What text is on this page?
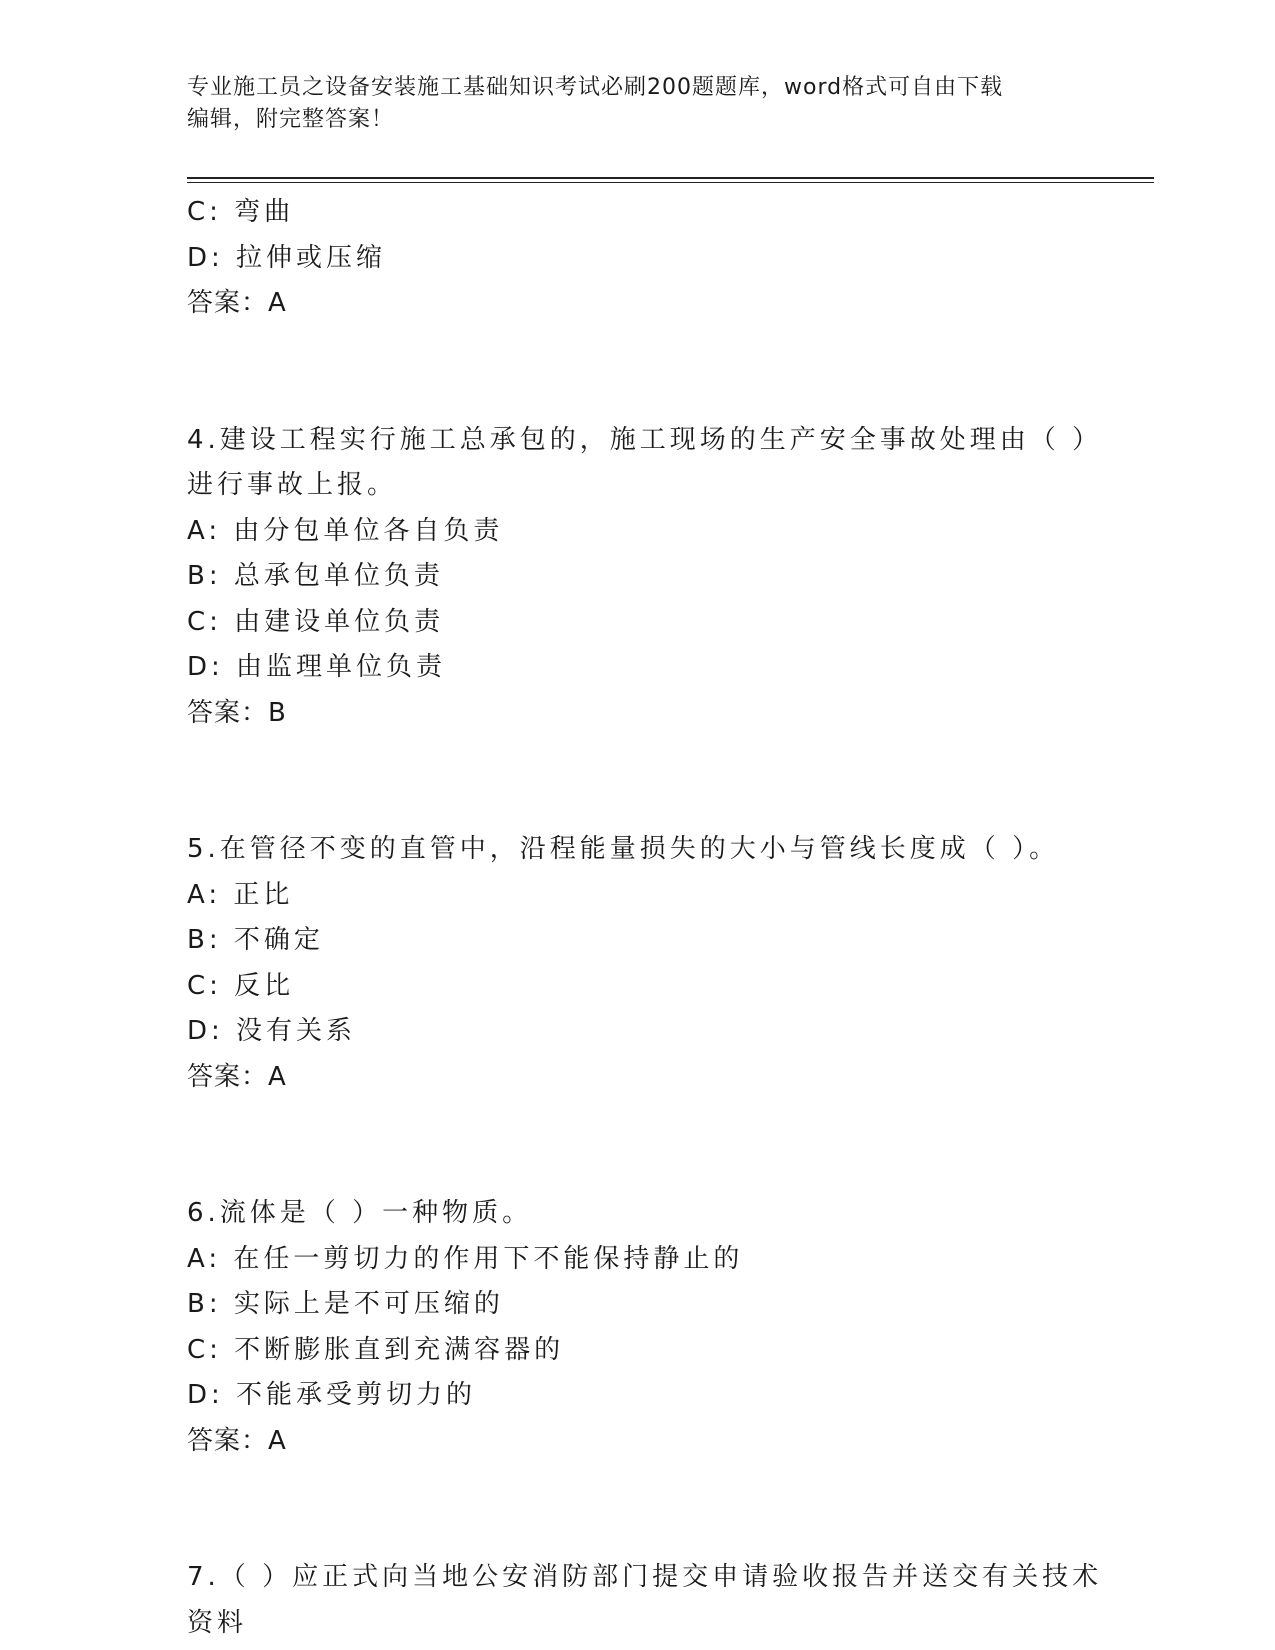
专业施工员之设备安装施工基础知识考试必刷200题题库，word格式可自由下载
编辑，附完整答案！
C: 弯曲
D: 拉伸或压缩
答案：A
4.建设工程实行施工总承包的，施工现场的生产安全事故处理由（ ）
进行事故上报。
A: 由分包单位各自负责
B: 总承包单位负责
C: 由建设单位负责
D: 由监理单位负责
答案：B
5.在管径不变的直管中，沿程能量损失的大小与管线长度成（ ）。
A: 正比
B: 不确定
C: 反比
D: 没有关系
答案：A
6.流体是（ ）一种物质。
A: 在任一剪切力的作用下不能保持静止的
B: 实际上是不可压缩的
C: 不断膨胀直到充满容器的
D: 不能承受剪切力的
答案：A
7.（ ）应正式向当地公安消防部门提交申请验收报告并送交有关技术
资料
